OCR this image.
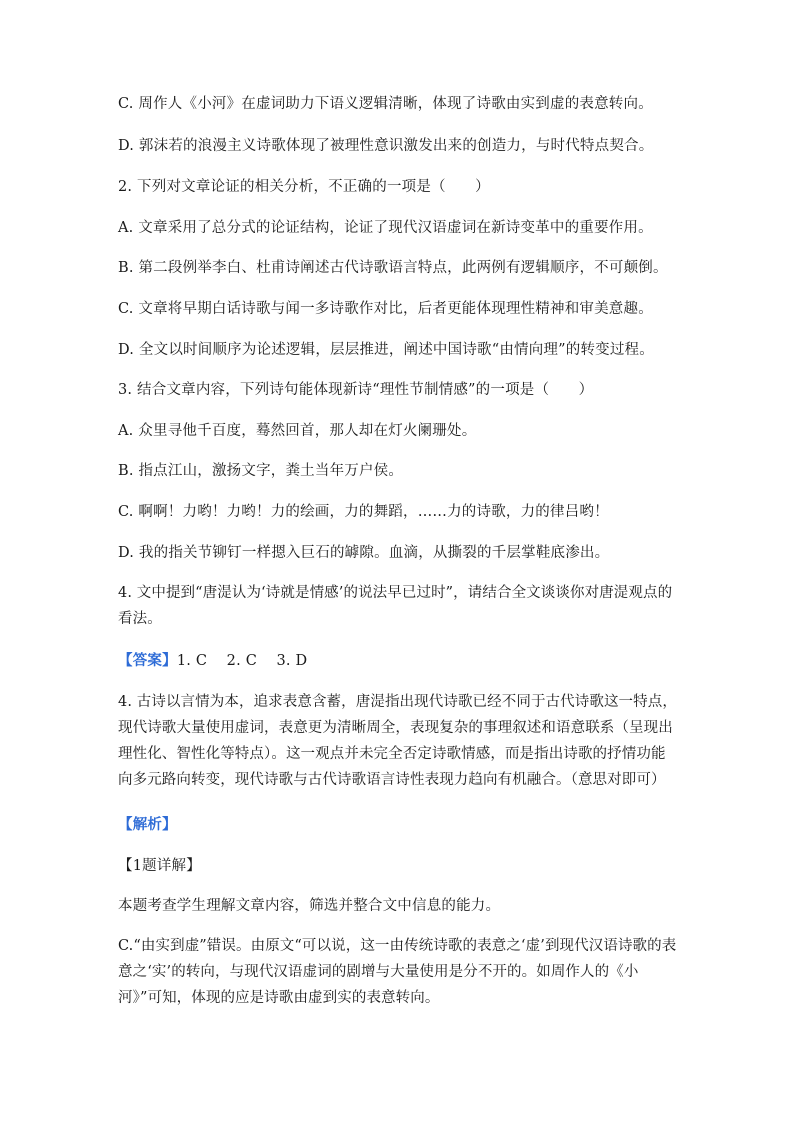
C. 周作人《小河》在虚词助力下语义逻辑清晰，体现了诗歌由实到虚的表意转向。
D. 郭沫若的浪漫主义诗歌体现了被理性意识激发出来的创造力，与时代特点契合。
2. 下列对文章论证的相关分析，不正确的一项是（　　）
A. 文章采用了总分式的论证结构，论证了现代汉语虚词在新诗变革中的重要作用。
B. 第二段例举李白、杜甫诗阐述古代诗歌语言特点，此两例有逻辑顺序，不可颠倒。
C. 文章将早期白话诗歌与闻一多诗歌作对比，后者更能体现理性精神和审美意趣。
D. 全文以时间顺序为论述逻辑，层层推进，阐述中国诗歌“由情向理”的转变过程。
3. 结合文章内容，下列诗句能体现新诗“理性节制情感”的一项是（　　）
A. 众里寻他千百度，蓦然回首，那人却在灯火阑珊处。
B. 指点江山，激扬文字，粪土当年万户侯。
C. 啊啊！力哟！力哟！力的绘画，力的舞蹈，……力的诗歌，力的律吕哟！
D. 我的指关节铆钉一样摁入巨石的罅隙。血滴，从撕裂的千层掌鞋底渗出。
4. 文中提到“唐湜认为‘诗就是情感’的说法早已过时”，请结合全文谈谈你对唐湜观点的看法。
【答案】1. C　 2. C　 3. D
4. 古诗以言情为本，追求表意含蓄，唐湜指出现代诗歌已经不同于古代诗歌这一特点，现代诗歌大量使用虚词，表意更为清晰周全，表现复杂的事理叙述和语意联系（呈现出理性化、智性化等特点）。这一观点并未完全否定诗歌情感，而是指出诗歌的抒情功能向多元路向转变，现代诗歌与古代诗歌语言诗性表现力趋向有机融合。（意思对即可）
【解析】
【1题详解】
本题考查学生理解文章内容，筛选并整合文中信息的能力。
C.“由实到虚”错误。由原文“可以说，这一由传统诗歌的表意之‘虚’到现代汉语诗歌的表意之‘实’的转向，与现代汉语虚词的剧增与大量使用是分不开的。如周作人的《小河》”可知，体现的应是诗歌由虚到实的表意转向。
